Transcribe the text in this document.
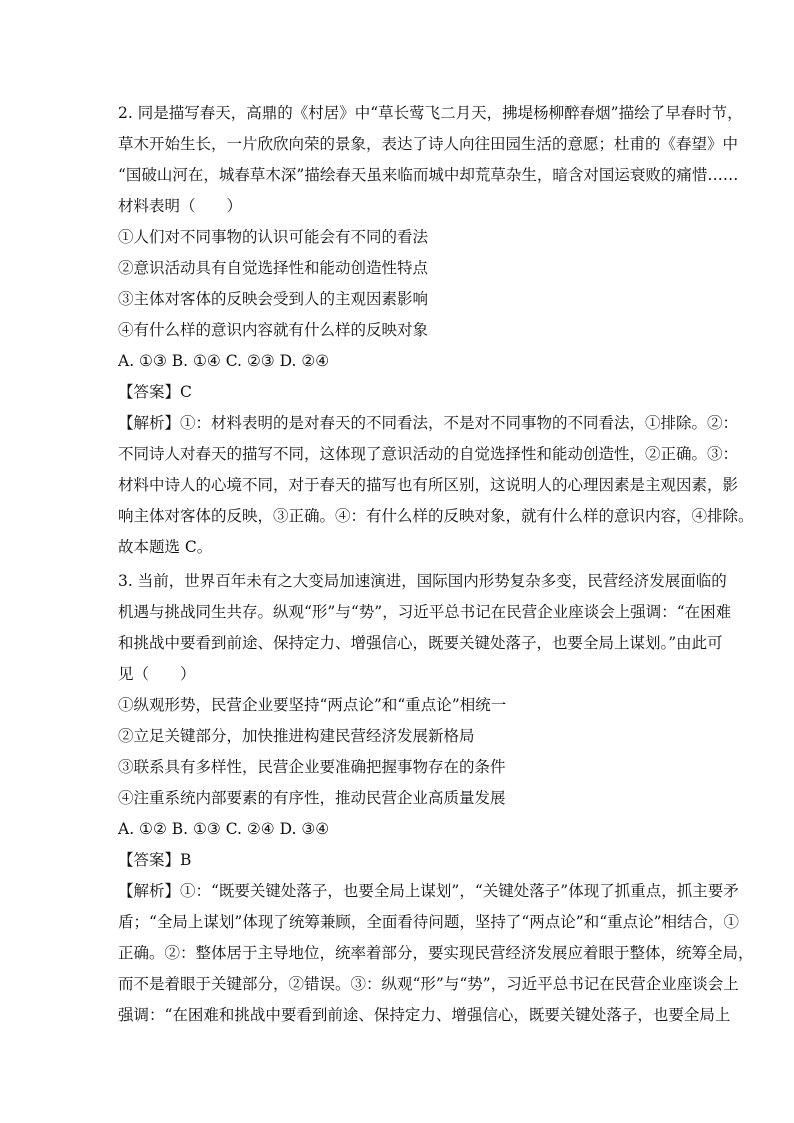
2. 同是描写春天，高鼎的《村居》中“草长莺飞二月天，拂堤杨柳醉春烟”描绘了早春时节，
草木开始生长，一片欣欣向荣的景象，表达了诗人向往田园生活的意愿；杜甫的《春望》中
“国破山河在，城春草木深”描绘春天虽来临而城中却荒草杂生，暗含对国运衰败的痛惜……
材料表明（　　）
①人们对不同事物的认识可能会有不同的看法
②意识活动具有自觉选择性和能动创造性特点
③主体对客体的反映会受到人的主观因素影响
④有什么样的意识内容就有什么样的反映对象
A. ①③ B. ①④ C. ②③ D. ②④
【答案】C
【解析】①：材料表明的是对春天的不同看法，不是对不同事物的不同看法，①排除。②：
不同诗人对春天的描写不同，这体现了意识活动的自觉选择性和能动创造性，②正确。③：
材料中诗人的心境不同，对于春天的描写也有所区别，这说明人的心理因素是主观因素，影
响主体对客体的反映，③正确。④：有什么样的反映对象，就有什么样的意识内容，④排除。
故本题选 C。
3. 当前，世界百年未有之大变局加速演进，国际国内形势复杂多变，民营经济发展面临的
机遇与挑战同生共存。纵观“形”与“势”，习近平总书记在民营企业座谈会上强调：“在困难
和挑战中要看到前途、保持定力、增强信心，既要关键处落子，也要全局上谋划。”由此可
见（　　）
①纵观形势，民营企业要坚持“两点论”和“重点论”相统一
②立足关键部分，加快推进构建民营经济发展新格局
③联系具有多样性，民营企业要准确把握事物存在的条件
④注重系统内部要素的有序性，推动民营企业高质量发展
A. ①② B. ①③ C. ②④ D. ③④
【答案】B
【解析】①：“既要关键处落子，也要全局上谋划”，“关键处落子”体现了抓重点，抓主要矛
盾；“全局上谋划”体现了统筹兼顾，全面看待问题，坚持了“两点论”和“重点论”相结合，①
正确。②：整体居于主导地位，统率着部分，要实现民营经济发展应着眼于整体，统筹全局，
而不是着眼于关键部分，②错误。③：纵观“形”与“势”，习近平总书记在民营企业座谈会上
强调：“在困难和挑战中要看到前途、保持定力、增强信心，既要关键处落子，也要全局上
